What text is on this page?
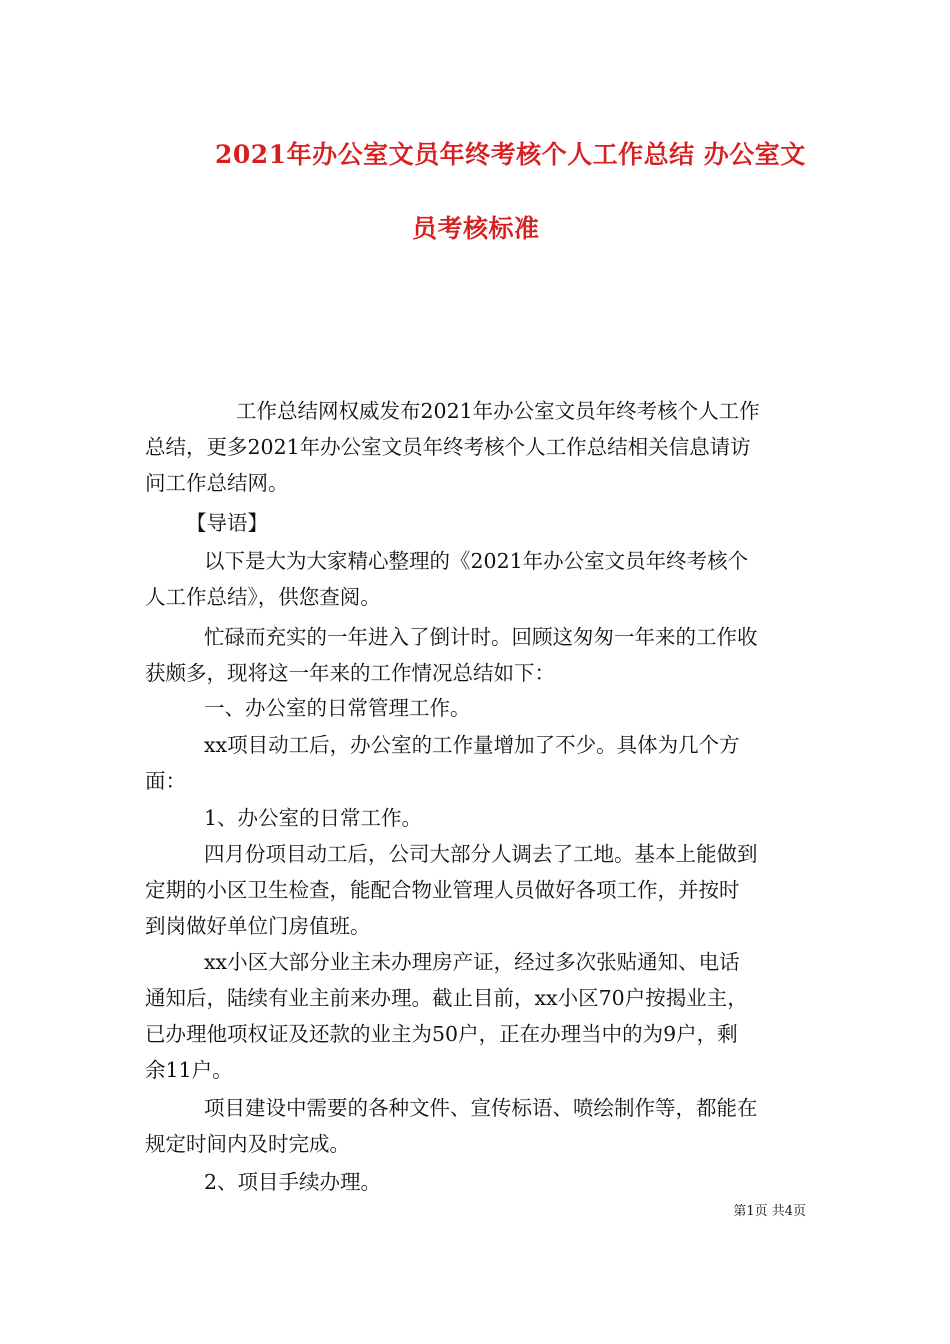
2021年办公室文员年终考核个人工作总结 办公室文
员考核标准
工作总结网权威发布2021年办公室文员年终考核个人工作
总结，更多2021年办公室文员年终考核个人工作总结相关信息请访
问工作总结网。
【导语】
以下是大为大家精心整理的《2021年办公室文员年终考核个
人工作总结》，供您查阅。
忙碌而充实的一年进入了倒计时。回顾这匆匆一年来的工作收
获颇多，现将这一年来的工作情况总结如下：
一、办公室的日常管理工作。
xx项目动工后，办公室的工作量增加了不少。具体为几个方
面：
1、办公室的日常工作。
四月份项目动工后，公司大部分人调去了工地。基本上能做到
定期的小区卫生检查，能配合物业管理人员做好各项工作，并按时
到岗做好单位门房值班。
xx小区大部分业主未办理房产证，经过多次张贴通知、电话
通知后，陆续有业主前来办理。截止目前，xx小区70户按揭业主，
已办理他项权证及还款的业主为50户，正在办理当中的为9户，剩
余11户。
项目建设中需要的各种文件、宣传标语、喷绘制作等，都能在
规定时间内及时完成。
2、项目手续办理。
第1页 共4页
